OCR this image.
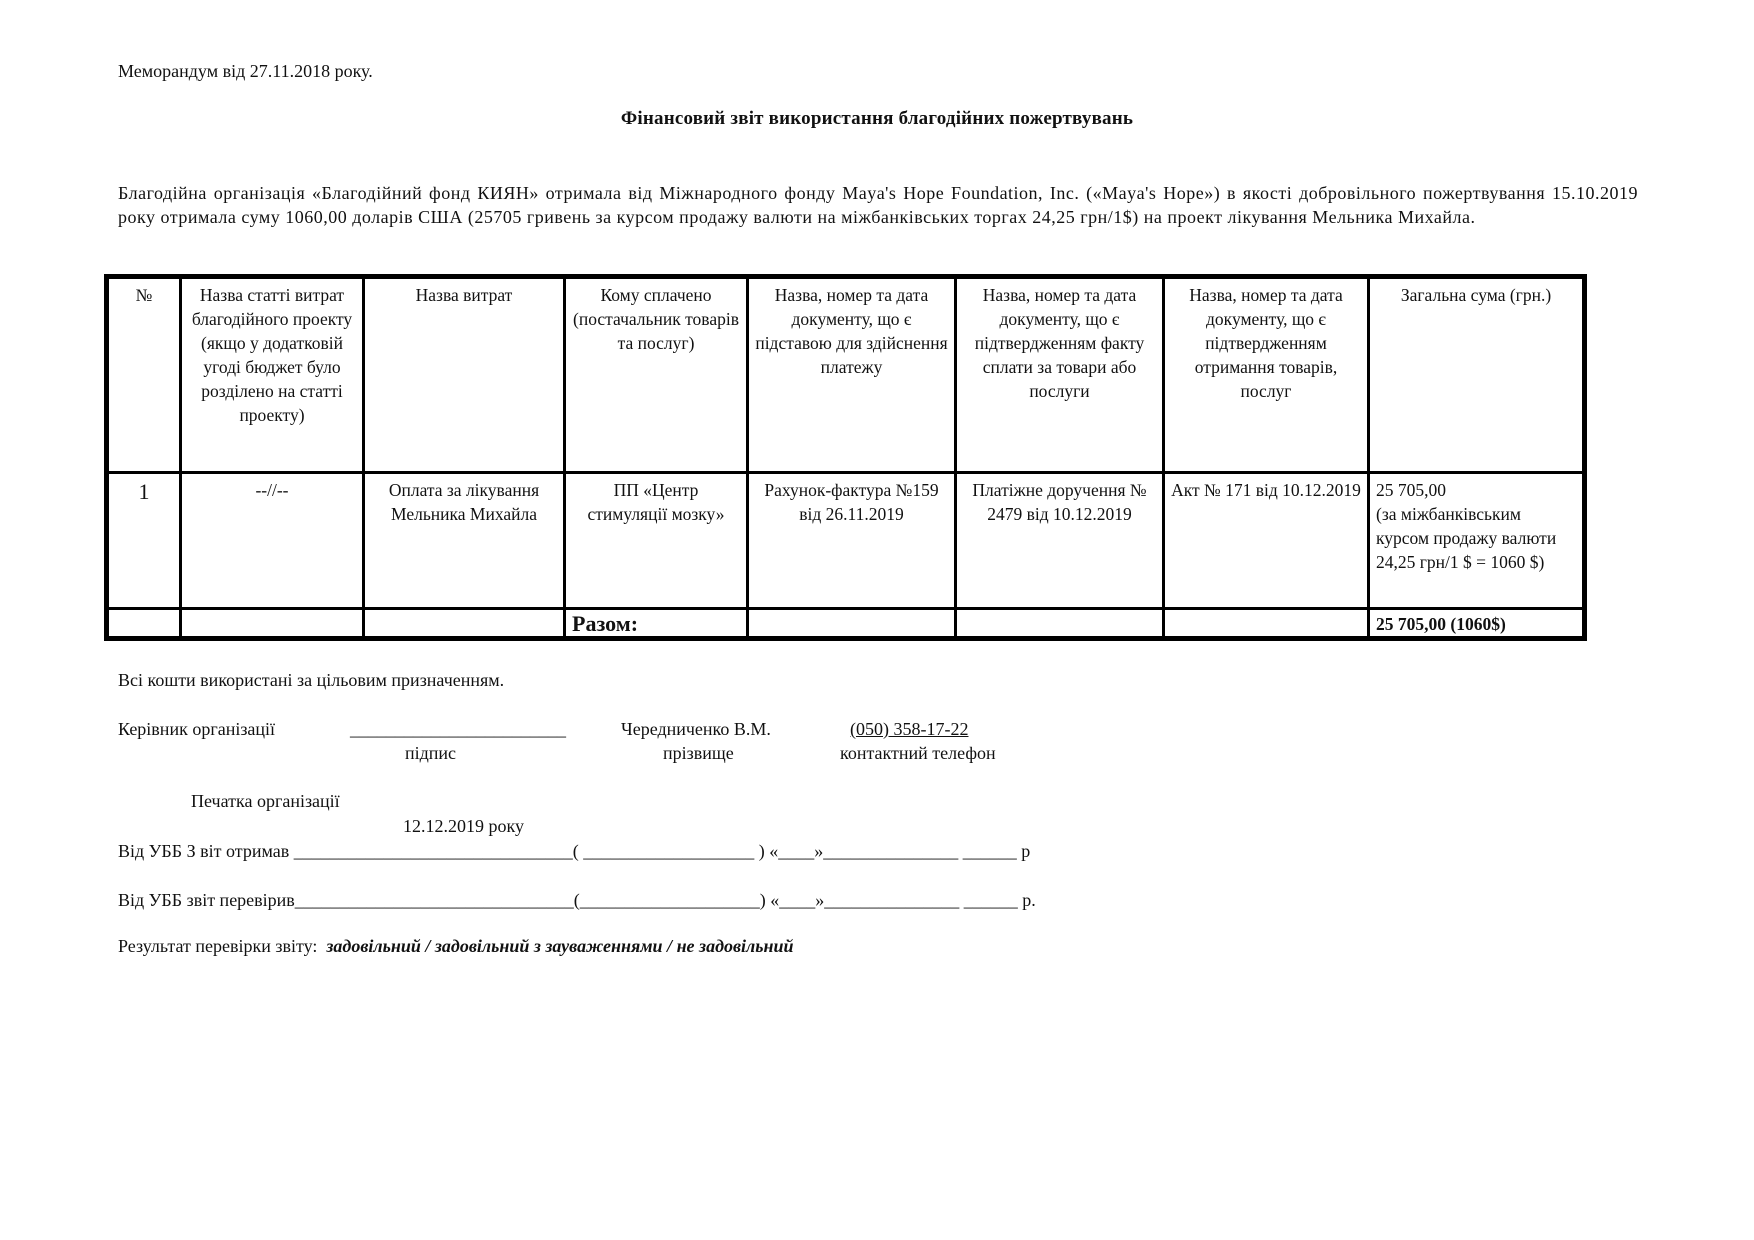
Меморандум від 27.11.2018 року.
Фінансовий звіт використання благодійних пожертвувань
Благодійна організація «Благодійний фонд КИЯН» отримала від Міжнародного фонду Maya's Hope Foundation, Inc. («Maya's Hope») в якості добровільного пожертвування 15.10.2019 року отримала суму 1060,00 доларів США (25705 гривень за курсом продажу валюти на міжбанківських торгах 24,25 грн/1$) на проект лікування Мельника Михайла.
№	Назва статті витрат благодійного проекту (якщо у додатковій угоді бюджет було розділено на статті проекту)	Назва витрат	Кому сплачено (постачальник товарів та послуг)	Назва, номер та дата документу, що є підставою для здійснення платежу	Назва, номер та дата документу, що є підтвердженням факту сплати за товари або послуги	Назва, номер та дата документу, що є підтвердженням отримання товарів, послуг	Загальна сума (грн.)
1	--//--	Оплата за лікування Мельника Михайла	ПП «Центр стимуляції мозку»	Рахунок-фактура №159 від 26.11.2019	Платіжне доручення № 2479 від 10.12.2019	Акт № 171 від 10.12.2019	25 705,00
(за міжбанківським курсом продажу валюти 24,25 грн/1 $ = 1060 $)

			Разом:				25 705,00 (1060$)
Всі кошти використані за цільовим призначенням.
Керівник організації	________________________	Чередниченко В.М.	(050) 358-17-22
підпис	прізвище	контактний телефон
Печатка організації
12.12.2019 року
Від УББ З віт отримав _______________________________( ___________________ ) «____»_______________ ______ р
Від УББ звіт перевірив_______________________________(____________________) «____»_______________ ______ р.
Результат перевірки звіту: задовільний / задовільний з зауваженнями / не задовільний
